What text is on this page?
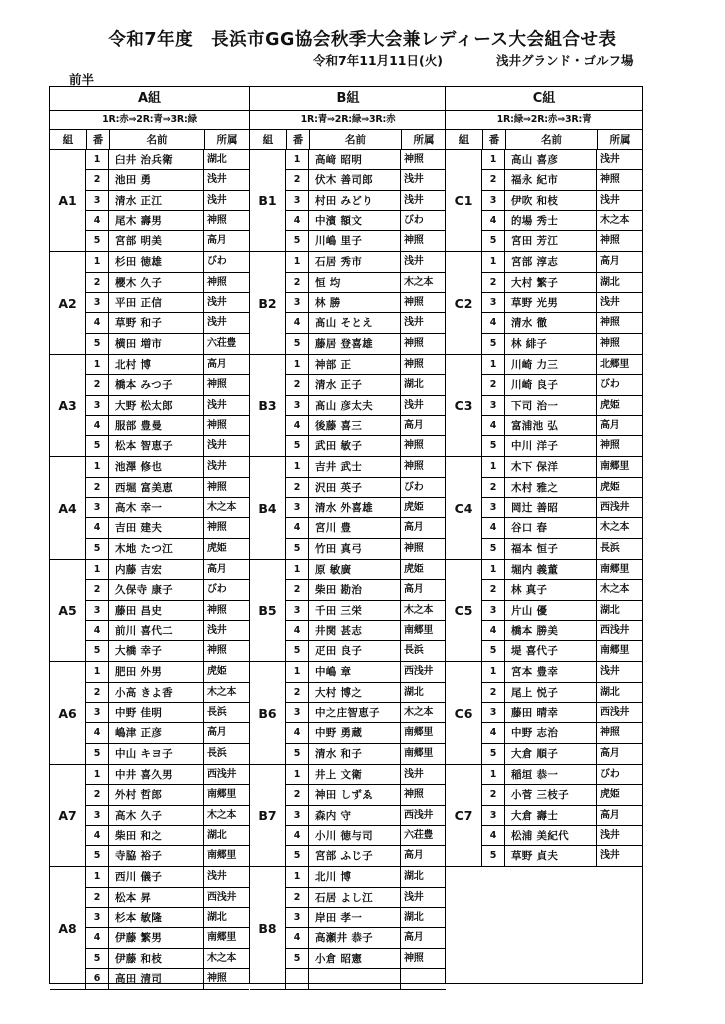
令和7年度　長浜市GG協会秋季大会兼レディース大会組合せ表
令和7年11月11日(火)	浅井グランド・ゴルフ場
前半
A組
1R:赤⇒2R:青⇒3R:緑
組	番	名前	所属
A1
1	臼井 治兵衛	湖北
2	池田 勇	浅井
3	清水 正江	浅井
4	尾木 壽男	神照
5	宮部 明美	高月
A2
1	杉田 徳雄	びわ
2	櫻木 久子	神照
3	平田 正信	浅井
4	草野 和子	浅井
5	横田 増市	六荘豊
A3
1	北村 博	高月
2	橋本 みつ子	神照
3	大野 松太郎	浅井
4	服部 豊曼	神照
5	松本 智恵子	浅井
A4
1	池澤 修也	浅井
2	西堀 富美恵	神照
3	高木 幸一	木之本
4	吉田 建夫	神照
5	木地 たつ江	虎姫
A5
1	内藤 吉宏	高月
2	久保寺 康子	びわ
3	藤田 昌史	神照
4	前川 喜代二	浅井
5	大橋 幸子	神照
A6
1	肥田 外男	虎姫
2	小高 きよ香	木之本
3	中野 佳明	長浜
4	嶋津 正彦	高月
5	中山 キヨ子	長浜
A7
1	中井 喜久男	西浅井
2	外村 哲郎	南郷里
3	高木 久子	木之本
4	柴田 和之	湖北
5	寺脇 裕子	南郷里
A8
1	西川 儀子	浅井
2	松本 昇	西浅井
3	杉本 敏隆	湖北
4	伊藤 繁男	南郷里
5	伊藤 和枝	木之本
6	高田 清司	神照
B組
1R:青⇒2R:緑⇒3R:赤
組	番	名前	所属
B1
1	高﨑 昭明	神照
2	伏木 善司郎	浅井
3	村田 みどり	浅井
4	中濱 額文	びわ
5	川嶋 里子	神照
B2
1	石居 秀市	浅井
2	恒 均	木之本
3	林 勝	神照
4	髙山 そとえ	浅井
5	藤居 登喜雄	神照
B3
1	神部 正	神照
2	清水 正子	湖北
3	髙山 彦太夫	浅井
4	後藤 喜三	高月
5	武田 敏子	神照
B4
1	吉井 武士	神照
2	沢田 英子	びわ
3	清水 外喜雄	虎姫
4	宮川 豊	高月
5	竹田 真弓	神照
B5
1	原 敏廣	虎姫
2	柴田 勘治	高月
3	千田 三栄	木之本
4	井関 甚志	南郷里
5	疋田 良子	長浜
B6
1	中嶋 章	西浅井
2	大村 博之	湖北
3	中之庄智恵子	木之本
4	中野 勇蔵	南郷里
5	清水 和子	南郷里
B7
1	井上 文衛	浅井
2	神田 しずゑ	神照
3	森内 守	西浅井
4	小川 徳与司	六荘豊
5	宮部 ふじ子	高月
B8
1	北川 博	湖北
2	石居 よし江	浅井
3	岸田 孝一	湖北
4	高瀬井 恭子	高月
5	小倉 昭憲	神照
C組
1R:緑⇒2R:赤⇒3R:青
組	番	名前	所属
C1
1	高山 喜彦	浅井
2	福永 紀市	神照
3	伊吹 和枝	浅井
4	的場 秀士	木之本
5	宮田 芳江	神照
C2
1	宮部 淳志	高月
2	大村 繁子	湖北
3	草野 光男	浅井
4	清水 徹	神照
5	林 緋子	神照
C3
1	川崎 力三	北郷里
2	川崎 良子	びわ
3	下司 治一	虎姫
4	富浦池 弘	高月
5	中川 洋子	神照
C4
1	木下 保洋	南郷里
2	木村 雅之	虎姫
3	岡辻 善昭	西浅井
4	谷口 春	木之本
5	福本 恒子	長浜
C5
1	堀内 義董	南郷里
2	林 真子	木之本
3	片山 優	湖北
4	橋本 勝美	西浅井
5	堤 喜代子	南郷里
C6
1	宮本 豊幸	浅井
2	尾上 悦子	湖北
3	藤田 晴幸	西浅井
4	中野 志治	神照
5	大倉 順子	高月
C7
1	稲垣 恭一	びわ
2	小菅 三枝子	虎姫
3	大倉 壽士	高月
4	松浦 美紀代	浅井
5	草野 貞夫	浅井
